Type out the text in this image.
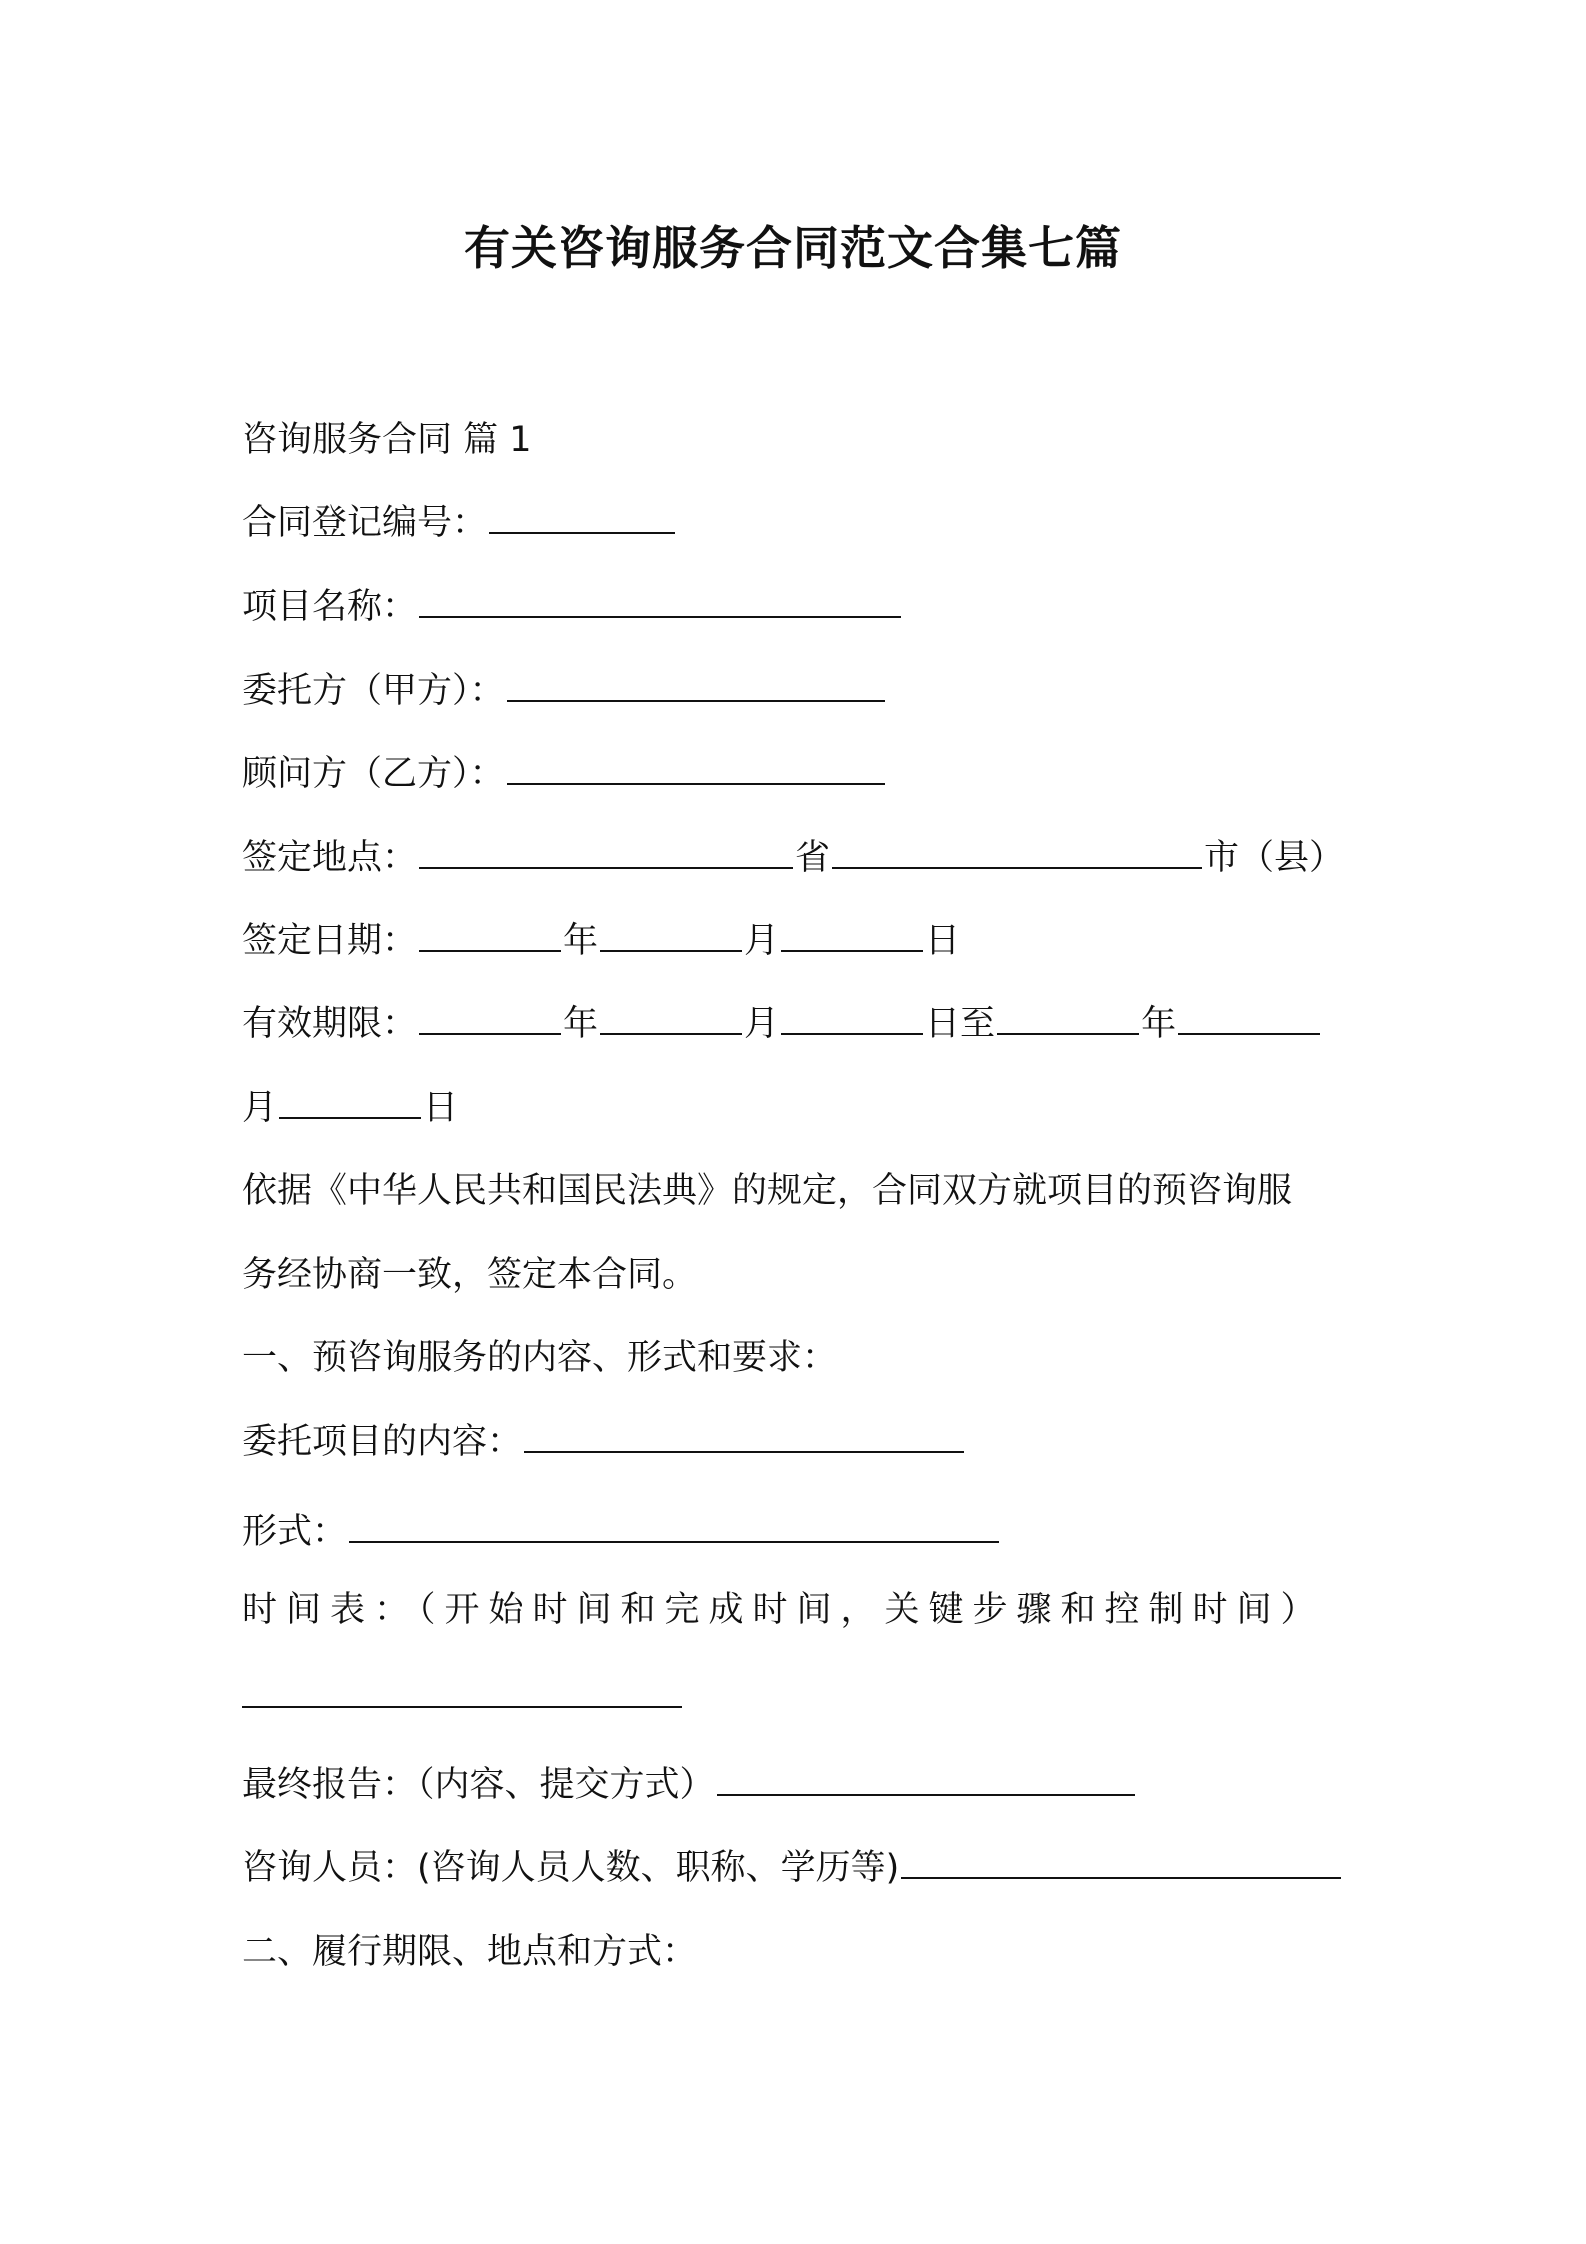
有关咨询服务合同范文合集七篇
咨询服务合同 篇 1
合同登记编号：
项目名称：
委托方（甲方）：
顾问方（乙方）：
签定地点：	省	市（县）
签定日期：	年	月	日
有效期限：	年	月	日至	年
月	日
依据《中华人民共和国民法典》的规定，合同双方就项目的预咨询服
务经协商一致，签定本合同。
一、预咨询服务的内容、形式和要求：
委托项目的内容：
形式：
时间表：（开始时间和完成时间，关键步骤和控制时间）
最终报告：（内容、提交方式）
咨询人员：(咨询人员人数、职称、学历等)
二、履行期限、地点和方式：
